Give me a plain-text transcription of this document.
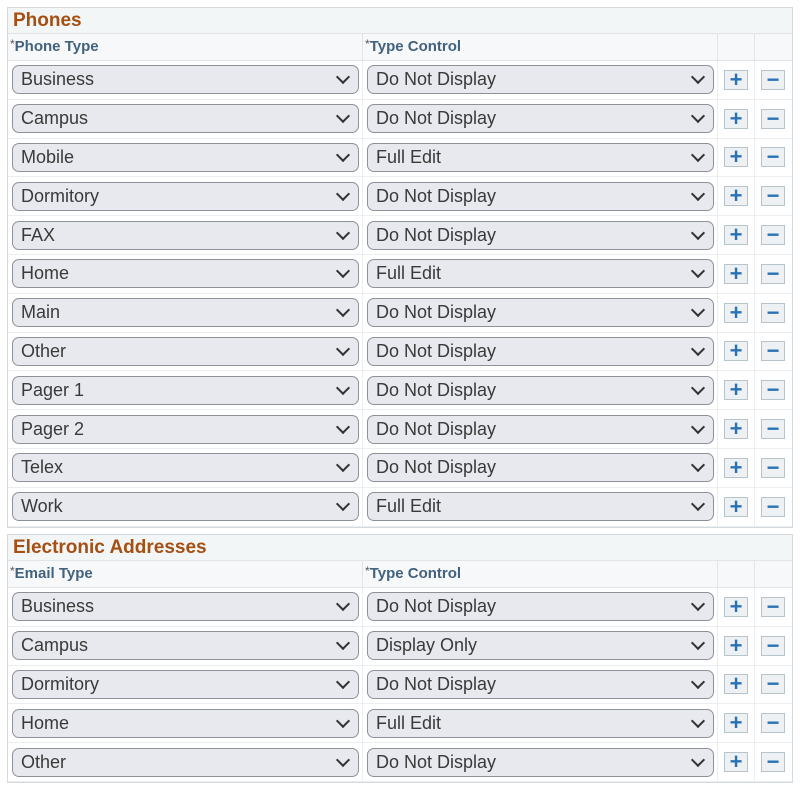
Phones
*Phone Type	*Type Control
Business	Do Not Display	+ −
Campus	Do Not Display	+ −
Mobile	Full Edit	+ −
Dormitory	Do Not Display	+ −
FAX	Do Not Display	+ −
Home	Full Edit	+ −
Main	Do Not Display	+ −
Other	Do Not Display	+ −
Pager 1	Do Not Display	+ −
Pager 2	Do Not Display	+ −
Telex	Do Not Display	+ −
Work	Full Edit	+ −
Electronic Addresses
*Email Type	*Type Control
Business	Do Not Display	+ −
Campus	Display Only	+ −
Dormitory	Do Not Display	+ −
Home	Full Edit	+ −
Other	Do Not Display	+ −
